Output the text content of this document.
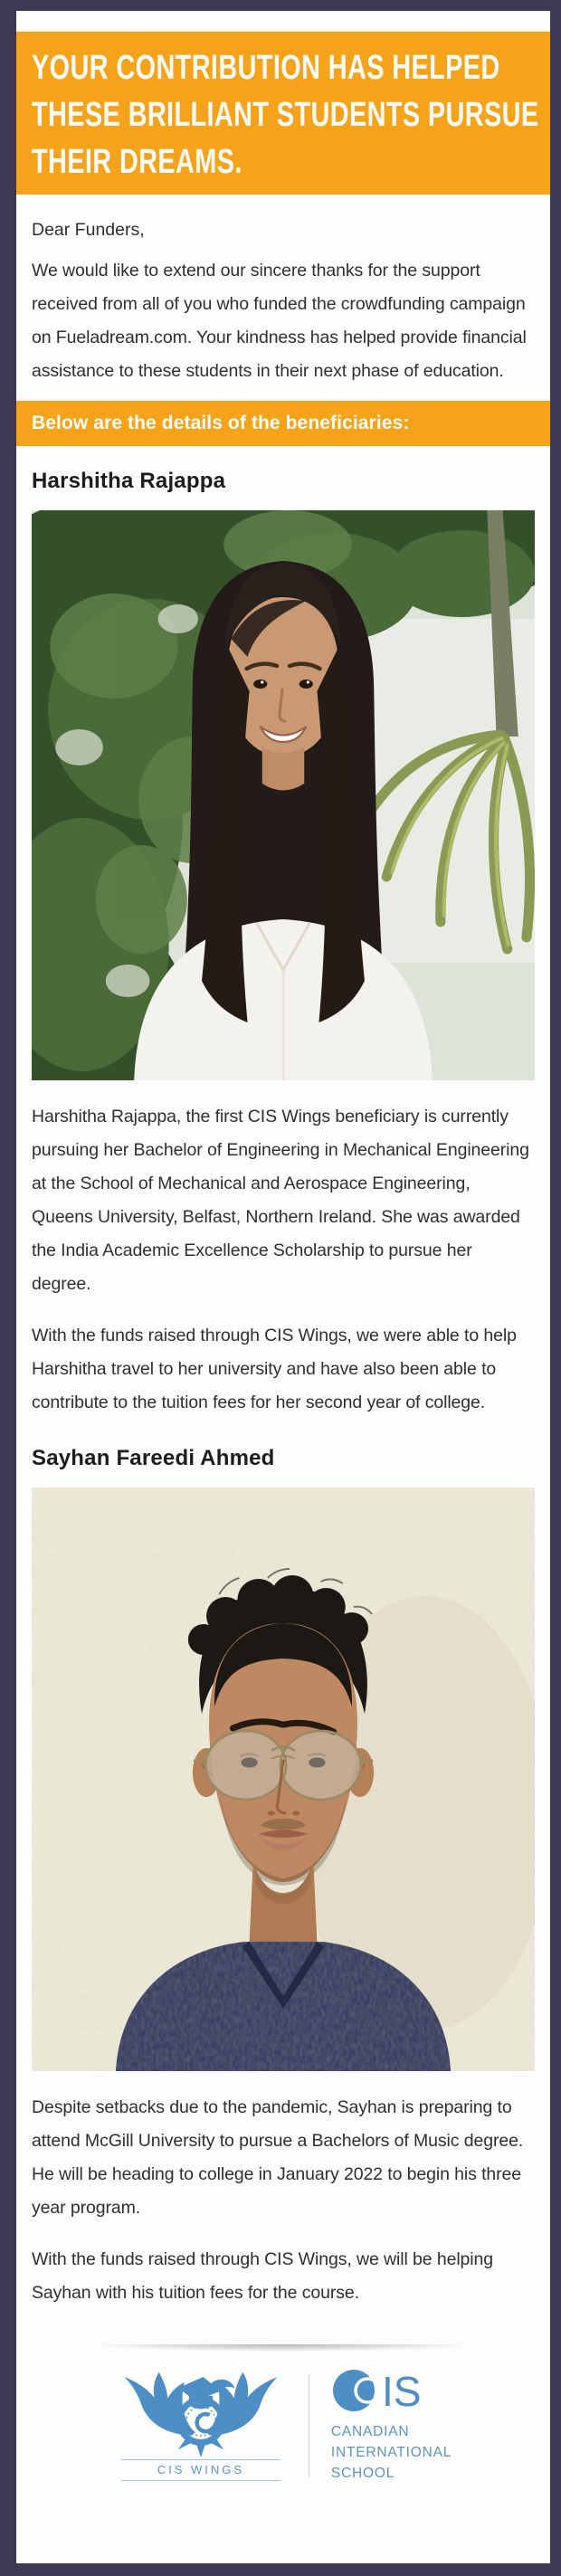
YOUR CONTRIBUTION HAS HELPED
THESE BRILLIANT STUDENTS PURSUE
THEIR DREAMS.

Dear Funders,

We would like to extend our sincere thanks for the support received from all of you who funded the crowdfunding campaign on Fueladream.com. Your kindness has helped provide financial assistance to these students in their next phase of education.

Below are the details of the beneficiaries:
Harshitha Rajappa

Harshitha Rajappa, the first CIS Wings beneficiary is currently pursuing her Bachelor of Engineering in Mechanical Engineering at the School of Mechanical and Aerospace Engineering, Queens University, Belfast, Northern Ireland. She was awarded the India Academic Excellence Scholarship to pursue her degree.

With the funds raised through CIS Wings, we were able to help Harshitha travel to her university and have also been able to contribute to the tuition fees for her second year of college.

Sayhan Fareedi Ahmed

Despite setbacks due to the pandemic, Sayhan is preparing to attend McGill University to pursue a Bachelors of Music degree. He will be heading to college in January 2022 to begin his three year program.

With the funds raised through CIS Wings, we will be helping Sayhan with his tuition fees for the course.

CIS WINGS
IS
CANADIAN
INTERNATIONAL
SCHOOL
